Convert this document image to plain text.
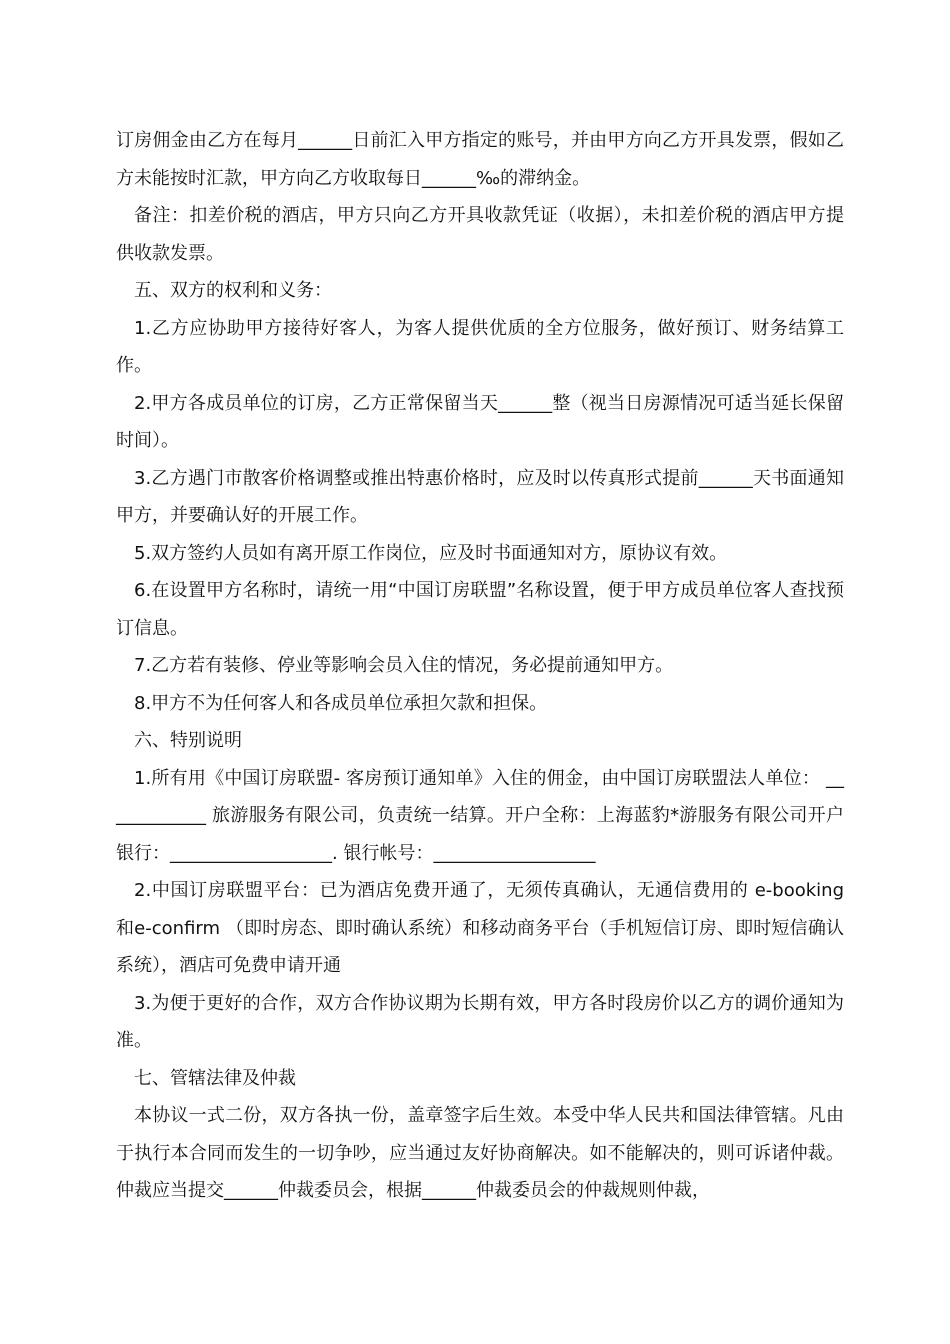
订房佣金由乙方在每月______日前汇入甲方指定的账号，并由甲方向乙方开具发票，假如乙方未能按时汇款，甲方向乙方收取每日______‰的滞纳金。

备注：扣差价税的酒店，甲方只向乙方开具收款凭证（收据），未扣差价税的酒店甲方提供收款发票。

五、双方的权利和义务：

1.乙方应协助甲方接待好客人，为客人提供优质的全方位服务，做好预订、财务结算工作。

2.甲方各成员单位的订房，乙方正常保留当天______整（视当日房源情况可适当延长保留时间）。

3.乙方遇门市散客价格调整或推出特惠价格时，应及时以传真形式提前______天书面通知甲方，并要确认好的开展工作。

5.双方签约人员如有离开原工作岗位，应及时书面通知对方，原协议有效。

6.在设置甲方名称时，请统一用“中国订房联盟”名称设置，便于甲方成员单位客人查找预订信息。

7.乙方若有装修、停业等影响会员入住的情况，务必提前通知甲方。

8.甲方不为任何客人和各成员单位承担欠款和担保。

六、特别说明

1.所有用《中国订房联盟- 客房预订通知单》入住的佣金，由中国订房联盟法人单位： ____________ 旅游服务有限公司，负责统一结算。开户全称：上海蓝豹*游服务有限公司开户银行：__________________. 银行帐号：__________________

2.中国订房联盟平台：已为酒店免费开通了，无须传真确认，无通信费用的 e-booking 和e-confirm （即时房态、即时确认系统）和移动商务平台（手机短信订房、即时短信确认系统），酒店可免费申请开通

3.为便于更好的合作，双方合作协议期为长期有效，甲方各时段房价以乙方的调价通知为准。

七、管辖法律及仲裁

本协议一式二份，双方各执一份，盖章签字后生效。本受中华人民共和国法律管辖。凡由于执行本合同而发生的一切争吵，应当通过友好协商解决。如不能解决的，则可诉诸仲裁。仲裁应当提交______仲裁委员会，根据______仲裁委员会的仲裁规则仲裁，
